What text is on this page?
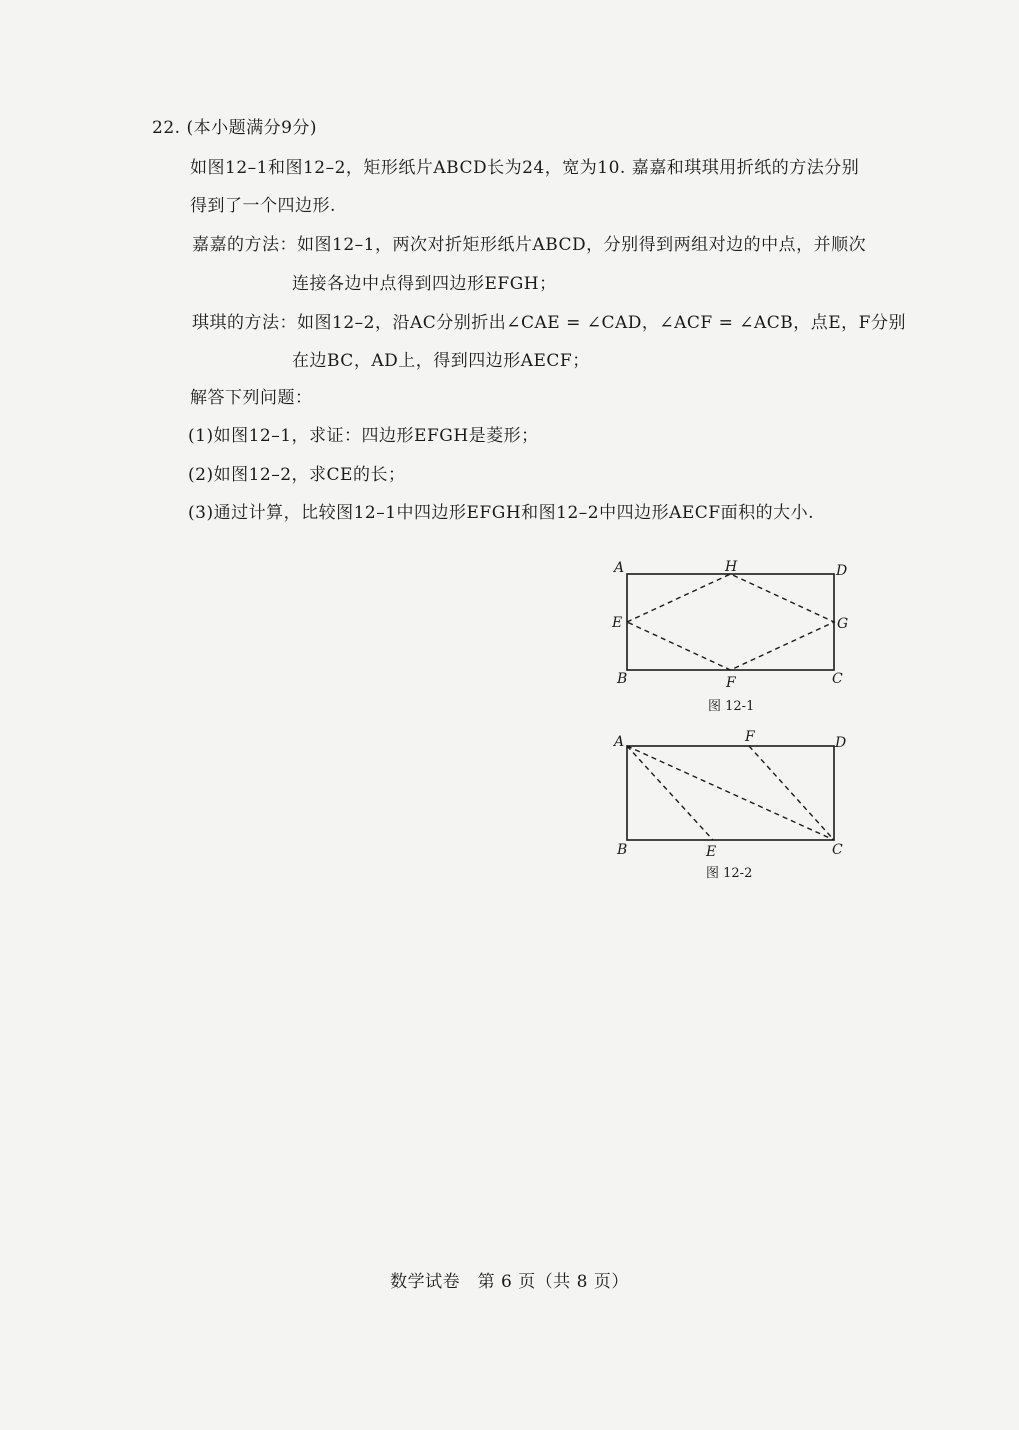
22. (本小题满分9分)
如图12–1和图12–2，矩形纸片ABCD长为24，宽为10. 嘉嘉和琪琪用折纸的方法分别
得到了一个四边形.
嘉嘉的方法：如图12–1，两次对折矩形纸片ABCD，分别得到两组对边的中点，并顺次
连接各边中点得到四边形EFGH；
琪琪的方法：如图12–2，沿AC分别折出∠CAE = ∠CAD，∠ACF = ∠ACB，点E，F分别
在边BC，AD上，得到四边形AECF；
解答下列问题：
(1)如图12–1，求证：四边形EFGH是菱形；
(2)如图12–2，求CE的长；
(3)通过计算，比较图12–1中四边形EFGH和图12–2中四边形AECF面积的大小.
A	H	D
E	G
B	F	C
图 12-1
A	F	D
B	E	C
图 12-2
数学试卷　第 6 页（共 8 页）
